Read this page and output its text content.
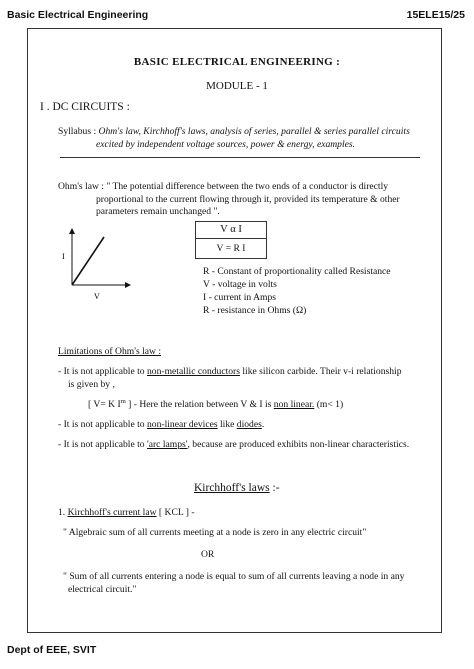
Basic Electrical Engineering	15ELE15/25
BASIC ELECTRICAL ENGINEERING :
MODULE - 1
I . DC CIRCUITS :
Syllabus : Ohm's law, Kirchhoff's laws, analysis of series, parallel & series parallel circuits
excited by independent voltage sources, power & energy, examples.
Ohm's law : " The potential difference between the two ends of a conductor is directly
proportional to the current flowing through it, provided its temperature & other
parameters remain unchanged ".
I
V
V α I
V = R I
R - Constant of proportionality called Resistance
V - voltage in volts
I - current in Amps
R - resistance in Ohms (Ω)
Limitations of Ohm's law :
- It is not applicable to non-metallic conductors like silicon carbide. Their v-i relationship
is given by ,
[ V= K $I^m$ ] - Here the relation between V & I is non linear. (m< 1)
- It is not applicable to non-linear devices like diodes.
- It is not applicable to 'arc lamps', because are produced exhibits non-linear characteristics.
Kirchhoff's laws :-
1. Kirchhoff's current law [ KCL ] -
" Algebraic sum of all currents meeting at a node is zero in any electric circuit"
OR
" Sum of all currents entering a node is equal to sum of all currents leaving a node in any
electrical circuit."
Dept of EEE, SVIT
